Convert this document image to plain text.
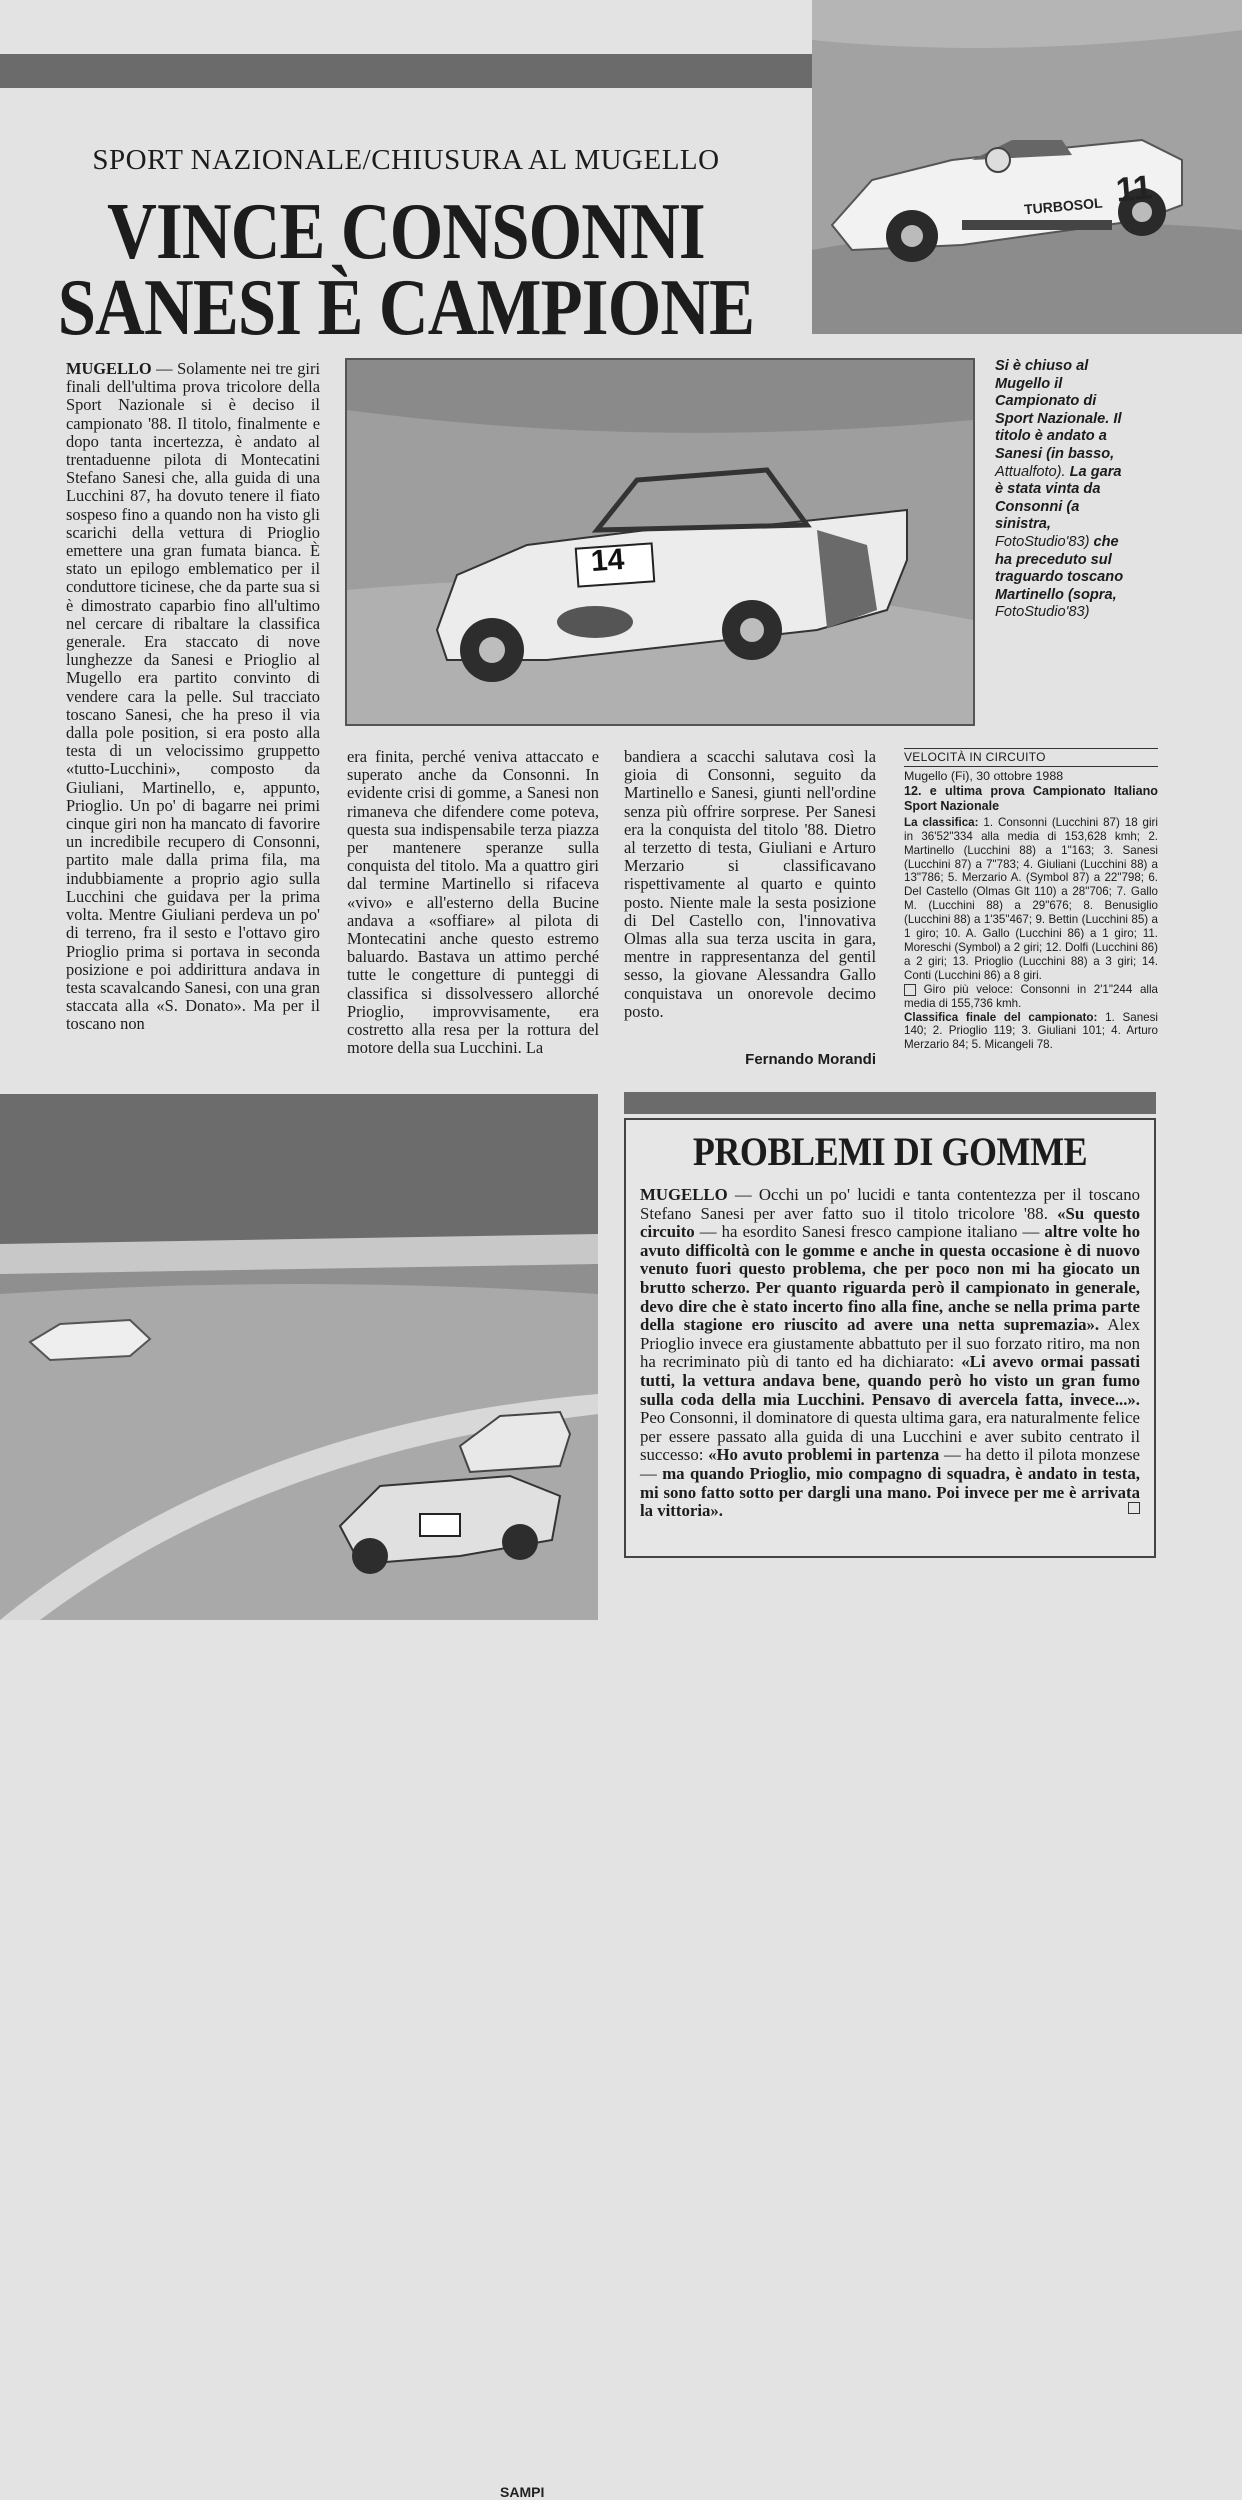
TURBOSOL 11
SPORT NAZIONALE/CHIUSURA AL MUGELLO
VINCE CONSONNI
SANESI È CAMPIONE
14
Si è chiuso al Mugello il Campionato di Sport Nazionale. Il titolo è andato a Sanesi (in basso, Attualfoto). La gara è stata vinta da Consonni (a sinistra, FotoStudio'83) che ha preceduto sul traguardo toscano Martinello (sopra, FotoStudio'83)
MUGELLO — Solamente nei tre giri finali dell'ultima prova tricolore della Sport Nazionale si è deciso il campionato '88. Il titolo, finalmente e dopo tanta incertezza, è andato al trentaduenne pilota di Montecatini Stefano Sanesi che, alla guida di una Lucchini 87, ha dovuto tenere il fiato sospeso fino a quando non ha visto gli scarichi della vettura di Prioglio emettere una gran fumata bianca. È stato un epilogo emblematico per il conduttore ticinese, che da parte sua si è dimostrato caparbio fino all'ultimo nel cercare di ribaltare la classifica generale. Era staccato di nove lunghezze da Sanesi e Prioglio al Mugello era partito convinto di vendere cara la pelle. Sul tracciato toscano Sanesi, che ha preso il via dalla pole position, si era posto alla testa di un velocissimo gruppetto «tutto-Lucchini», composto da Giuliani, Martinello, e, appunto, Prioglio. Un po' di bagarre nei primi cinque giri non ha mancato di favorire un incredibile recupero di Consonni, partito male dalla prima fila, ma indubbiamente a proprio agio sulla Lucchini che guidava per la prima volta. Mentre Giuliani perdeva un po' di terreno, fra il sesto e l'ottavo giro Prioglio prima si portava in seconda posizione e poi addirittura andava in testa scavalcando Sanesi, con una gran staccata alla «S. Donato». Ma per il toscano non
era finita, perché veniva attaccato e superato anche da Consonni. In evidente crisi di gomme, a Sanesi non rimaneva che difendere come poteva, questa sua indispensabile terza piazza per mantenere speranze sulla conquista del titolo. Ma a quattro giri dal termine Martinello si rifaceva «vivo» e all'esterno della Bucine andava a «soffiare» al pilota di Montecatini anche questo estremo baluardo. Bastava un attimo perché tutte le congetture di punteggi di classifica si dissolvessero allorché Prioglio, improvvisamente, era costretto alla resa per la rottura del motore della sua Lucchini. La
bandiera a scacchi salutava così la gioia di Consonni, seguito da Martinello e Sanesi, giunti nell'ordine senza più offrire sorprese. Per Sanesi era la conquista del titolo '88. Dietro al terzetto di testa, Giuliani e Arturo Merzario si classificavano rispettivamente al quarto e quinto posto. Niente male la sesta posizione di Del Castello con, l'innovativa Olmas alla sua terza uscita in gara, mentre in rappresentanza del gentil sesso, la giovane Alessandra Gallo conquistava un onorevole decimo posto.
Fernando Morandi
VELOCITÀ IN CIRCUITO
Mugello (Fi), 30 ottobre 1988
12. e ultima prova Campionato Italiano Sport Nazionale
La classifica: 1. Consonni (Lucchini 87) 18 giri in 36'52"334 alla media di 153,628 kmh; 2. Martinello (Lucchini 88) a 1"163; 3. Sanesi (Lucchini 87) a 7"783; 4. Giuliani (Lucchini 88) a 13"786; 5. Merzario A. (Symbol 87) a 22"798; 6. Del Castello (Olmas Glt 110) a 28"706; 7. Gallo M. (Lucchini 88) a 29"676; 8. Benusiglio (Lucchini 88) a 1'35"467; 9. Bettin (Lucchini 85) a 1 giro; 10. A. Gallo (Lucchini 86) a 1 giro; 11. Moreschi (Symbol) a 2 giri; 12. Dolfi (Lucchini 86) a 2 giri; 13. Prioglio (Lucchini 88) a 3 giri; 14. Conti (Lucchini 86) a 8 giri.
Giro più veloce: Consonni in 2'1"244 alla media di 155,736 kmh.
Classifica finale del campionato: 1. Sanesi 140; 2. Prioglio 119; 3. Giuliani 101; 4. Arturo Merzario 84; 5. Micangeli 78.
SAMPI
PROBLEMI DI GOMME
MUGELLO — Occhi un po' lucidi e tanta contentezza per il toscano Stefano Sanesi per aver fatto suo il titolo tricolore '88. «Su questo circuito — ha esordito Sanesi fresco campione italiano — altre volte ho avuto difficoltà con le gomme e anche in questa occasione è di nuovo venuto fuori questo problema, che per poco non mi ha giocato un brutto scherzo. Per quanto riguarda però il campionato in generale, devo dire che è stato incerto fino alla fine, anche se nella prima parte della stagione ero riuscito ad avere una netta supremazia». Alex Prioglio invece era giustamente abbattuto per il suo forzato ritiro, ma non ha recriminato più di tanto ed ha dichiarato: «Li avevo ormai passati tutti, la vettura andava bene, quando però ho visto un gran fumo sulla coda della mia Lucchini. Pensavo di avercela fatta, invece...». Peo Consonni, il dominatore di questa ultima gara, era naturalmente felice per essere passato alla guida di una Lucchini e aver subito centrato il successo: «Ho avuto problemi in partenza — ha detto il pilota monzese — ma quando Prioglio, mio compagno di squadra, è andato in testa, mi sono fatto sotto per dargli una mano. Poi invece per me è arrivata la vittoria».
